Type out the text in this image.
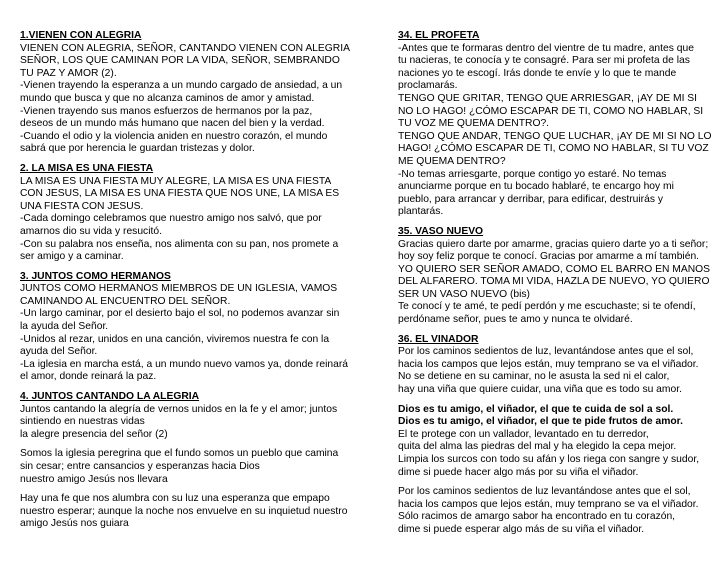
1.VIENEN CON ALEGRIA
VIENEN CON ALEGRIA, SEÑOR, CANTANDO VIENEN CON ALEGRIA
SEÑOR, LOS QUE CAMINAN POR LA VIDA, SEÑOR, SEMBRANDO
TU PAZ Y AMOR (2).
-Vienen trayendo la esperanza a un mundo cargado de ansiedad, a un
mundo que busca y que no alcanza caminos de amor y amistad.
-Vienen trayendo sus manos esfuerzos de hermanos por la paz,
deseos de un mundo más humano que nacen del bien y la verdad.
-Cuando el odio y la violencia aniden en nuestro corazón, el mundo
sabrá que por herencia le guardan tristezas y dolor.
2. LA MISA ES UNA FIESTA
LA MISA ES UNA FIESTA MUY ALEGRE, LA MISA ES UNA FIESTA
CON JESUS, LA MISA ES UNA FIESTA QUE NOS UNE, LA MISA ES
UNA FIESTA CON JESUS.
-Cada domingo celebramos que nuestro amigo nos salvó, que por
amarnos dio su vida y resucitó.
-Con su palabra nos enseña, nos alimenta con su pan, nos promete a
ser amigo y a caminar.
3. JUNTOS COMO HERMANOS
JUNTOS COMO HERMANOS MIEMBROS DE UN IGLESIA, VAMOS
CAMINANDO AL ENCUENTRO DEL SEÑOR.
-Un largo caminar, por el desierto bajo el sol, no podemos avanzar sin
la ayuda del Señor.
-Unidos al rezar, unidos en una canción, viviremos nuestra fe con la
ayuda del Señor.
-La iglesia en marcha está, a un mundo nuevo vamos ya, donde reinará
el amor, donde reinará la paz.
4. JUNTOS CANTANDO LA ALEGRIA
Juntos cantando la alegría de vernos unidos en la fe y el amor; juntos
sintiendo en nuestras vidas
la alegre presencia del señor (2)
Somos la iglesia peregrina que el fundo somos un pueblo que camina
sin cesar; entre cansancios y esperanzas hacia Dios
nuestro amigo Jesús nos llevara
Hay una fe que nos alumbra con su luz una esperanza que empapo
nuestro esperar; aunque la noche nos envuelve en su inquietud nuestro
amigo Jesús nos guiara
34. EL PROFETA
-Antes que te formaras dentro del vientre de tu madre, antes que
tu nacieras, te conocía y te consagré. Para ser mi profeta de las
naciones yo te escogí. Irás donde te envíe y lo que te mande
proclamarás.
TENGO QUE GRITAR, TENGO QUE ARRIESGAR, ¡AY DE MI SI
NO LO HAGO! ¿CÓMO ESCAPAR DE TI, COMO NO HABLAR, SI
TU VOZ ME QUEMA DENTRO?.
TENGO QUE ANDAR, TENGO QUE LUCHAR, ¡AY DE MI SI NO LO
HAGO! ¿CÓMO ESCAPAR DE TI, COMO NO HABLAR, SI TU VOZ
ME QUEMA DENTRO?
-No temas arriesgarte, porque contigo yo estaré. No temas
anunciarme porque en tu bocado hablaré, te encargo hoy mi
pueblo, para arrancar y derribar, para edificar, destruirás y
plantarás.
35. VASO NUEVO
Gracias quiero darte por amarme, gracias quiero darte yo a ti señor;
hoy soy feliz porque te conocí. Gracias por amarme a mí también.
YO QUIERO SER SEÑOR AMADO, COMO EL BARRO EN MANOS
DEL ALFARERO. TOMA MI VIDA, HAZLA DE NUEVO, YO QUIERO
SER UN VASO NUEVO (bis)
Te conocí y te amé, te pedí perdón y me escuchaste; si te ofendí,
perdóname señor, pues te amo y nunca te olvidaré.
36. EL VINADOR
Por los caminos sedientos de luz, levantándose antes que el sol,
hacia los campos que lejos están, muy temprano se va el viñador.
No se detiene en su caminar, no le asusta la sed ni el calor,
hay una viña que quiere cuidar, una viña que es todo su amor.
Dios es tu amigo, el viñador, el que te cuida de sol a sol.
Dios es tu amigo, el viñador, el que te pide frutos de amor.
El te protege con un vallador, levantado en tu derredor,
quita del alma las piedras del mal y ha elegido la cepa mejor.
Limpia los surcos con todo su afán y los riega con sangre y sudor,
dime si puede hacer algo más por su viña el viñador.
Por los caminos sedientos de luz levantándose antes que el sol,
hacia los campos que lejos están, muy temprano se va el viñador.
Sólo racimos de amargo sabor ha encontrado en tu corazón,
dime si puede esperar algo más de su viña el viñador.
